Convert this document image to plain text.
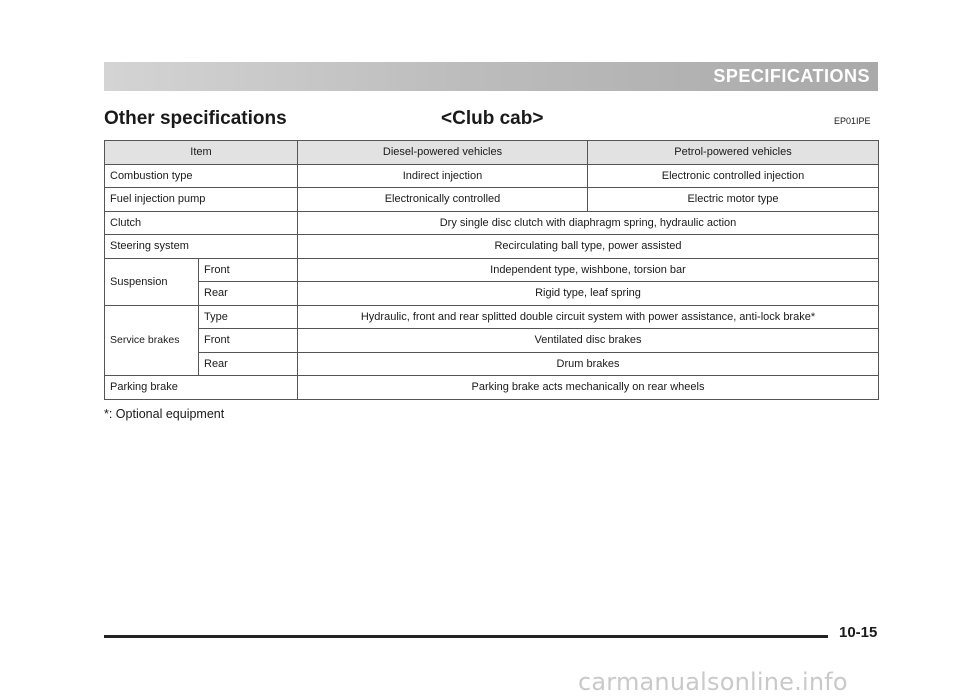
SPECIFICATIONS
Other specifications	<Club cab>	EP01IPE
Item		Diesel-powered vehicles	Petrol-powered vehicles
Combustion type		Indirect injection	Electronic controlled injection
Fuel injection pump		Electronically controlled	Electric motor type
Clutch		Dry single disc clutch with diaphragm spring, hydraulic action	
Steering system		Recirculating ball type, power assisted	
Suspension	Front	Independent type, wishbone, torsion bar	
	Rear	Rigid type, leaf spring	
Service brakes	Type	Hydraulic, front and rear splitted double circuit system with power assistance, anti-lock brake*	
	Front	Ventilated disc brakes	
	Rear	Drum brakes	
Parking brake		Parking brake acts mechanically on rear wheels	
*: Optional equipment
10-15
carmanualsonline.info
